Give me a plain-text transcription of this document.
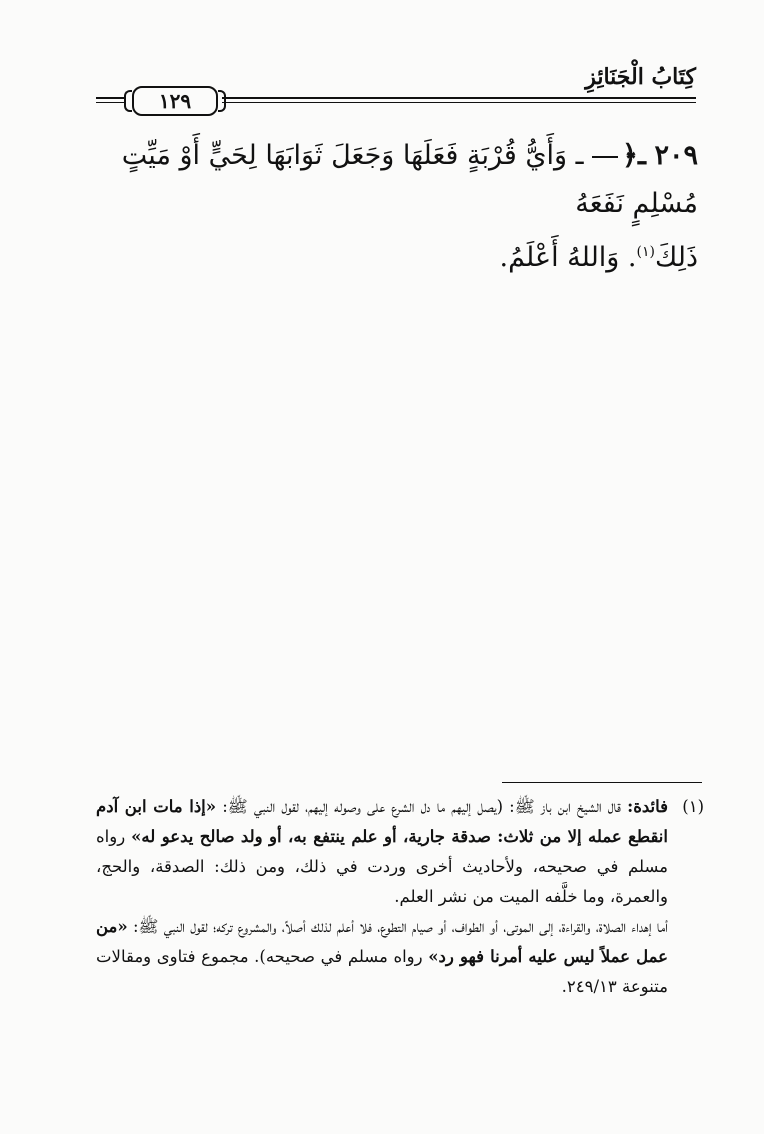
كِتَابُ الْجَنَائِزِ
١٢٩
٢٠٩ ـ﴿ ـ وَأَيُّ قُرْبَةٍ فَعَلَهَا وَجَعَلَ ثَوَابَهَا لِحَيٍّ أَوْ مَيِّتٍ مُسْلِمٍ نَفَعَهُ
ذَلِكَ$^{(١)}$. وَاللهُ أَعْلَمُ.
(١)

فائدة: قال الشيخ ابن باز ﷺ: (يصل إليهم ما دل الشرع على وصوله إليهم، لقول النبي ﷺ: «إذا مات ابن آدم انقطع عمله إلا من ثلاث: صدقة جارية، أو علم ينتفع به، أو ولد صالح يدعو له» رواه مسلم في صحيحه، ولأحاديث أخرى وردت في ذلك، ومن ذلك: الصدقة، والحج، والعمرة، وما خلَّفه الميت من نشر العلم.

أما إهداء الصلاة، والقراءة، إلى الموتى، أو الطواف، أو صيام التطوع، فلا أعلم لذلك أصلاً، والمشروع تركه؛ لقول النبي ﷺ: «من عمل عملاً ليس عليه أمرنا فهو رد» رواه مسلم في صحيحه). مجموع فتاوى ومقالات متنوعة ٢٤٩/١٣.
